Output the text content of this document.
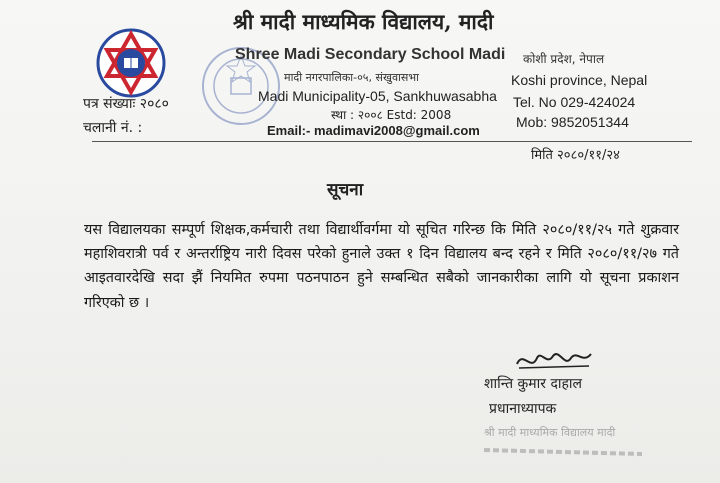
श्री मादी माध्यमिक विद्यालय, मादी
Shree Madi Secondary School Madi
मादी नगरपालिका-०५, संखुवासभा
Madi Municipality-05, Sankhuwasabha
स्था : २००८ Estd: 2008
Email:- madimavi2008@gmail.com
कोशी प्रदेश, नेपाल
Koshi province, Nepal
Tel. No 029-424024
Mob: 9852051344
पत्र संख्याः २०८०
चलानी नं. :
मिति २०८०/११/२४
सूचना
यस विद्यालयका सम्पूर्ण शिक्षक,कर्मचारी तथा विद्यार्थीवर्गमा यो सूचित गरिन्छ कि मिति २०८०/११/२५ गते शुक्रवार महाशिवरात्री पर्व र अन्तर्राष्ट्रिय नारी दिवस परेको हुनाले उक्त १ दिन विद्यालय बन्द रहने र मिति २०८०/११/२७ गते आइतवारदेखि सदा झैं नियमित रुपमा पठनपाठन हुने सम्बन्धित सबैको जानकारीका लागि यो सूचना प्रकाशन गरिएको छ ।
शान्ति कुमार दाहाल
प्रधानाध्यापक
श्री मादी माध्यमिक विद्यालय मादी
